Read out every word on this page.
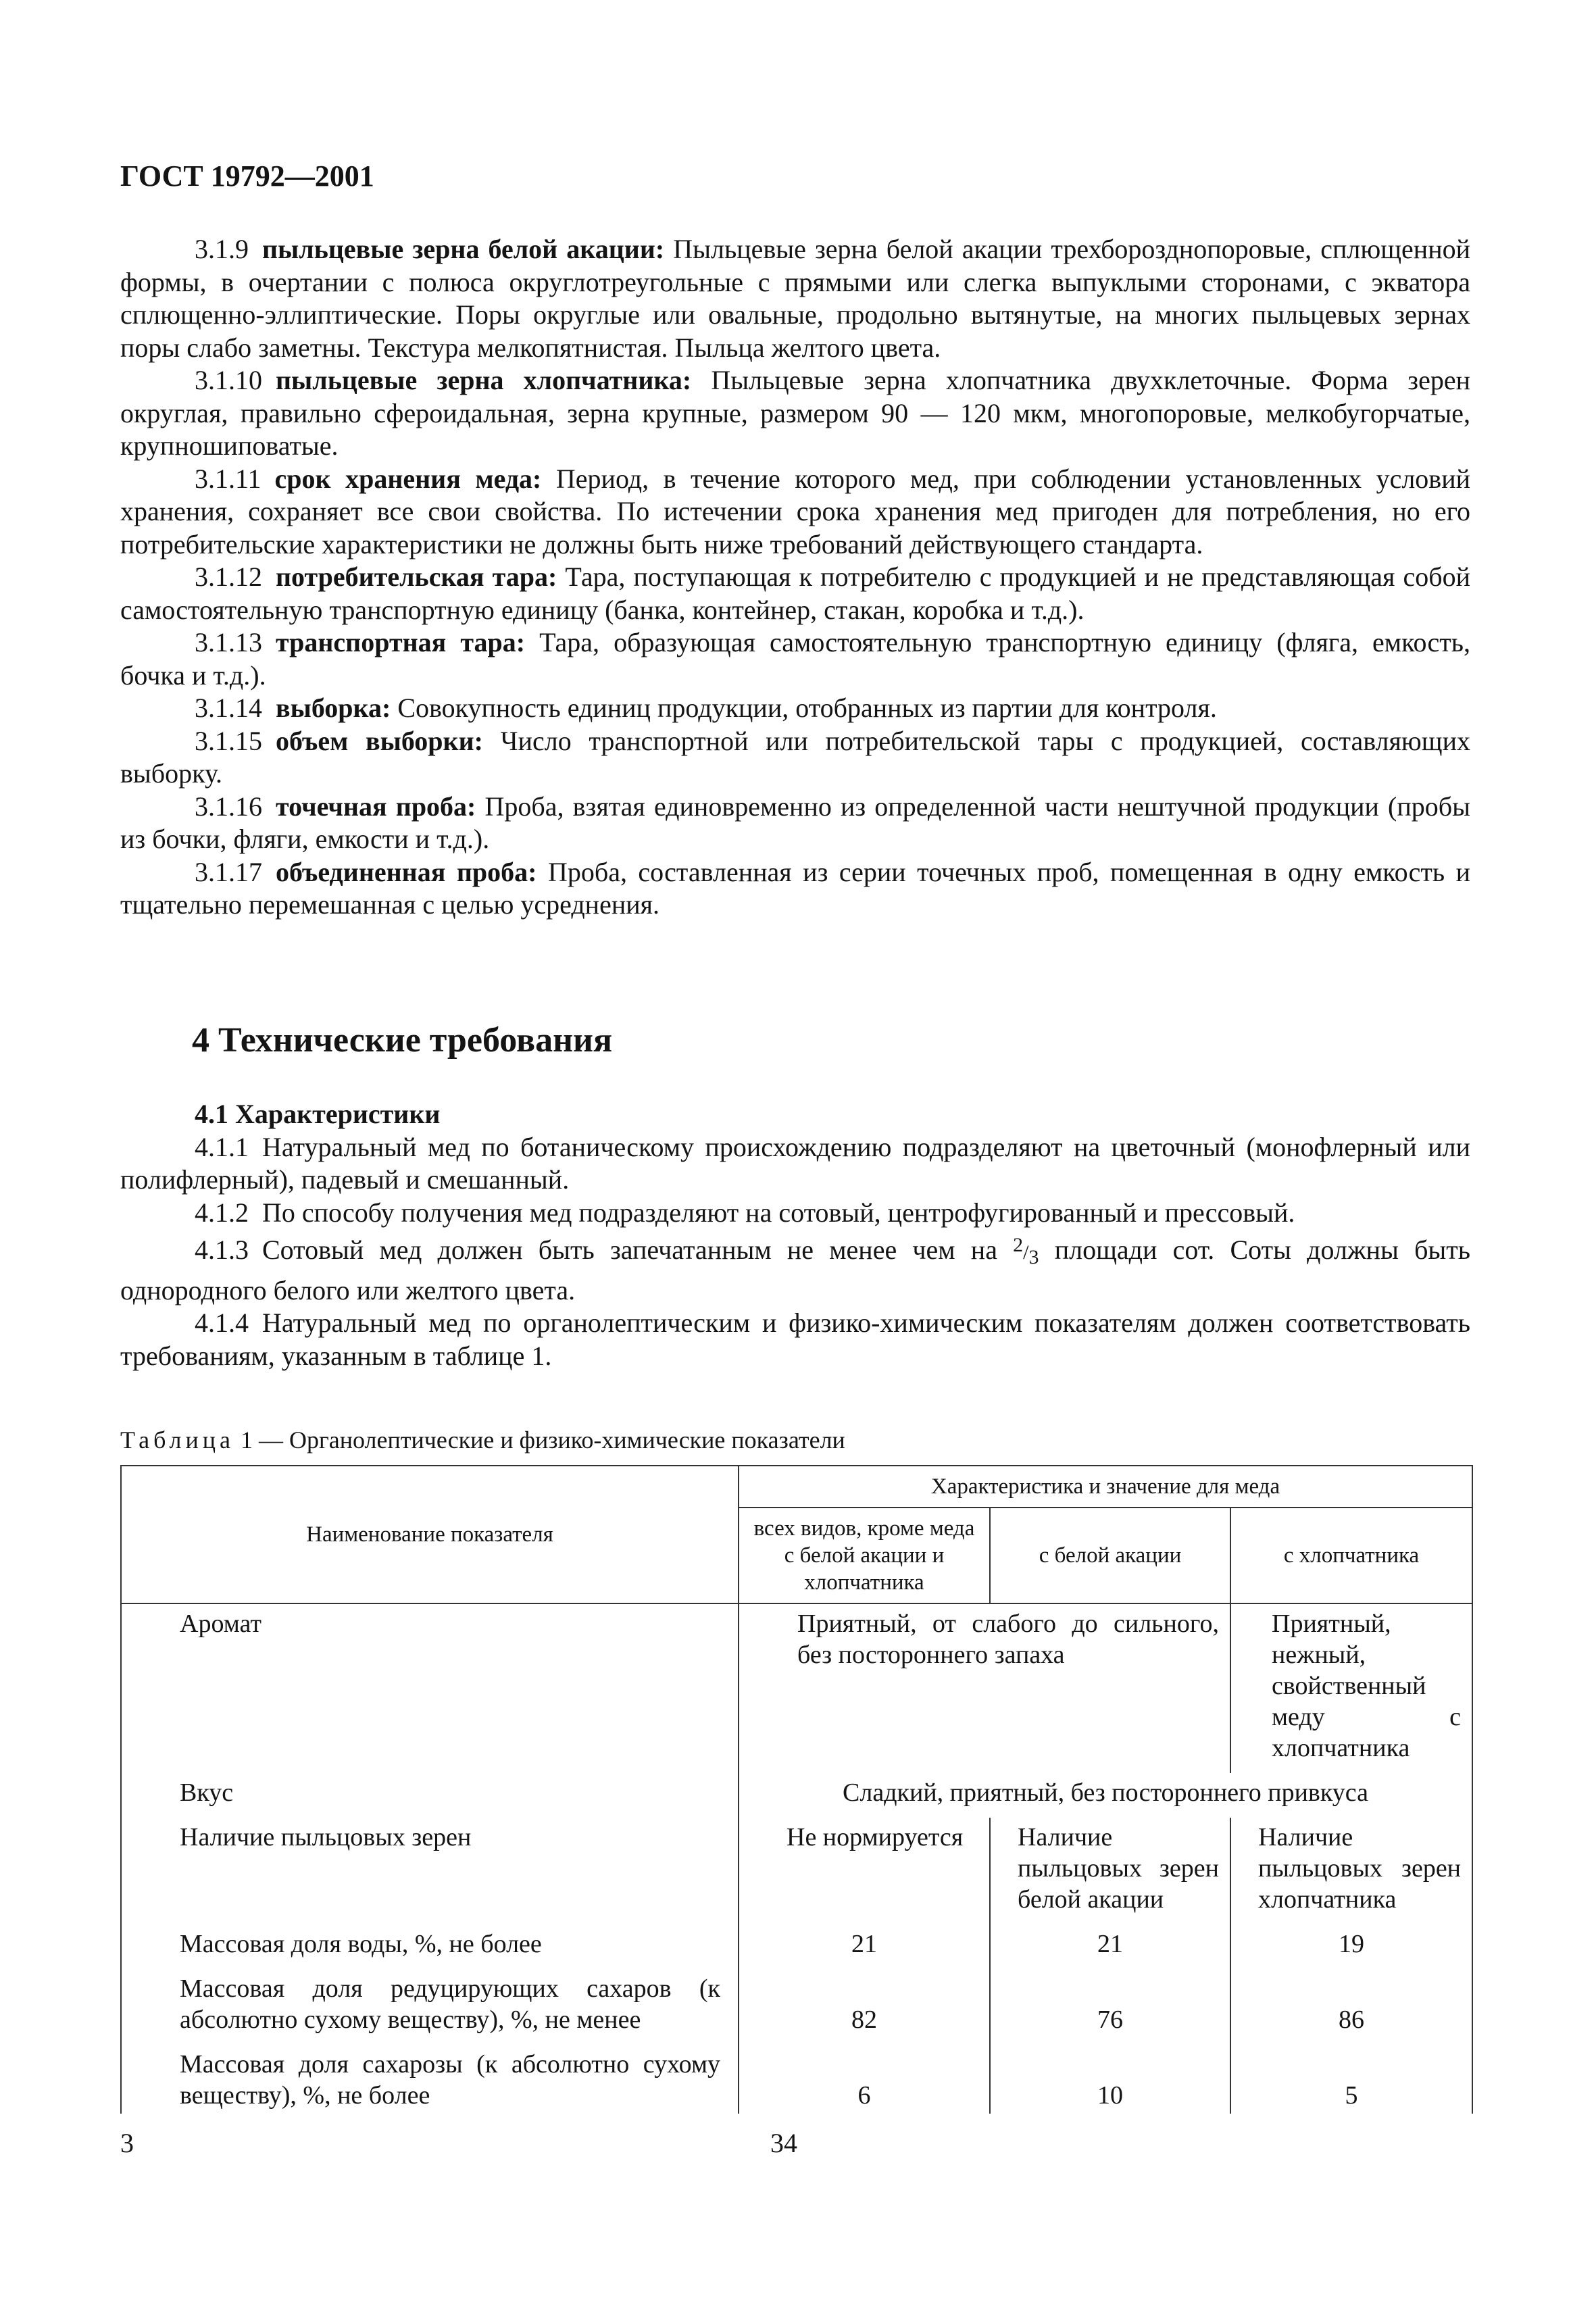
ГОСТ 19792—2001

3.1.9 пыльцевые зерна белой акации: Пыльцевые зерна белой акации трехборозднопоровые, сплющенной формы, в очертании с полюса округлотреугольные с прямыми или слегка выпуклыми сторонами, с экватора сплющенно-эллиптические. Поры округлые или овальные, продольно вытянутые, на многих пыльцевых зернах поры слабо заметны. Текстура мелкопятнистая. Пыльца желтого цвета.

3.1.10 пыльцевые зерна хлопчатника: Пыльцевые зерна хлопчатника двухклеточные. Форма зерен округлая, правильно сфероидальная, зерна крупные, размером 90 — 120 мкм, многопоровые, мелкобугорчатые, крупношиповатые.

3.1.11 срок хранения меда: Период, в течение которого мед, при соблюдении установленных условий хранения, сохраняет все свои свойства. По истечении срока хранения мед пригоден для потребления, но его потребительские характеристики не должны быть ниже требований действующего стандарта.

3.1.12 потребительская тара: Тара, поступающая к потребителю с продукцией и не представляющая собой самостоятельную транспортную единицу (банка, контейнер, стакан, коробка и т.д.).

3.1.13 транспортная тара: Тара, образующая самостоятельную транспортную единицу (фляга, емкость, бочка и т.д.).

3.1.14 выборка: Совокупность единиц продукции, отобранных из партии для контроля.

3.1.15 объем выборки: Число транспортной или потребительской тары с продукцией, составляющих выборку.

3.1.16 точечная проба: Проба, взятая единовременно из определенной части нештучной продукции (пробы из бочки, фляги, емкости и т.д.).

3.1.17 объединенная проба: Проба, составленная из серии точечных проб, помещенная в одну емкость и тщательно перемешанная с целью усреднения.

4 Технические требования
4.1 Характеристики

4.1.1 Натуральный мед по ботаническому происхождению подразделяют на цветочный (монофлерный или полифлерный), падевый и смешанный.

4.1.2 По способу получения мед подразделяют на сотовый, центрофугированный и прессовый.

4.1.3 Сотовый мед должен быть запечатанным не менее чем на $^2/_3$ площади сот. Соты должны быть однородного белого или желтого цвета.

4.1.4 Натуральный мед по органолептическим и физико-химическим показателям должен соответствовать требованиям, указанным в таблице 1.

Таблица 1 — Органолептические и физико-химические показатели
Наименование показателя	Характеристика и значение для меда		
	всех видов, кроме меда с белой акации и хлопчатника	с белой акации	с хлопчатника
Аромат	Приятный, от слабого до сильного, без постороннего запаха		Приятный, нежный, свойственный меду с хлопчатника
Вкус	Сладкий, приятный, без постороннего привкуса		
Наличие пыльцовых зерен	Не нормируется	Наличие пыльцовых зерен белой акации	Наличие пыльцовых зерен хлопчатника
Массовая доля воды, %, не более	21	21	19
Массовая доля редуцирующих сахаров (к абсолютно сухому веществу), %, не менее	82	76	86
Массовая доля сахарозы (к абсолютно сухому веществу), %, не более	6	10	5
3	34
